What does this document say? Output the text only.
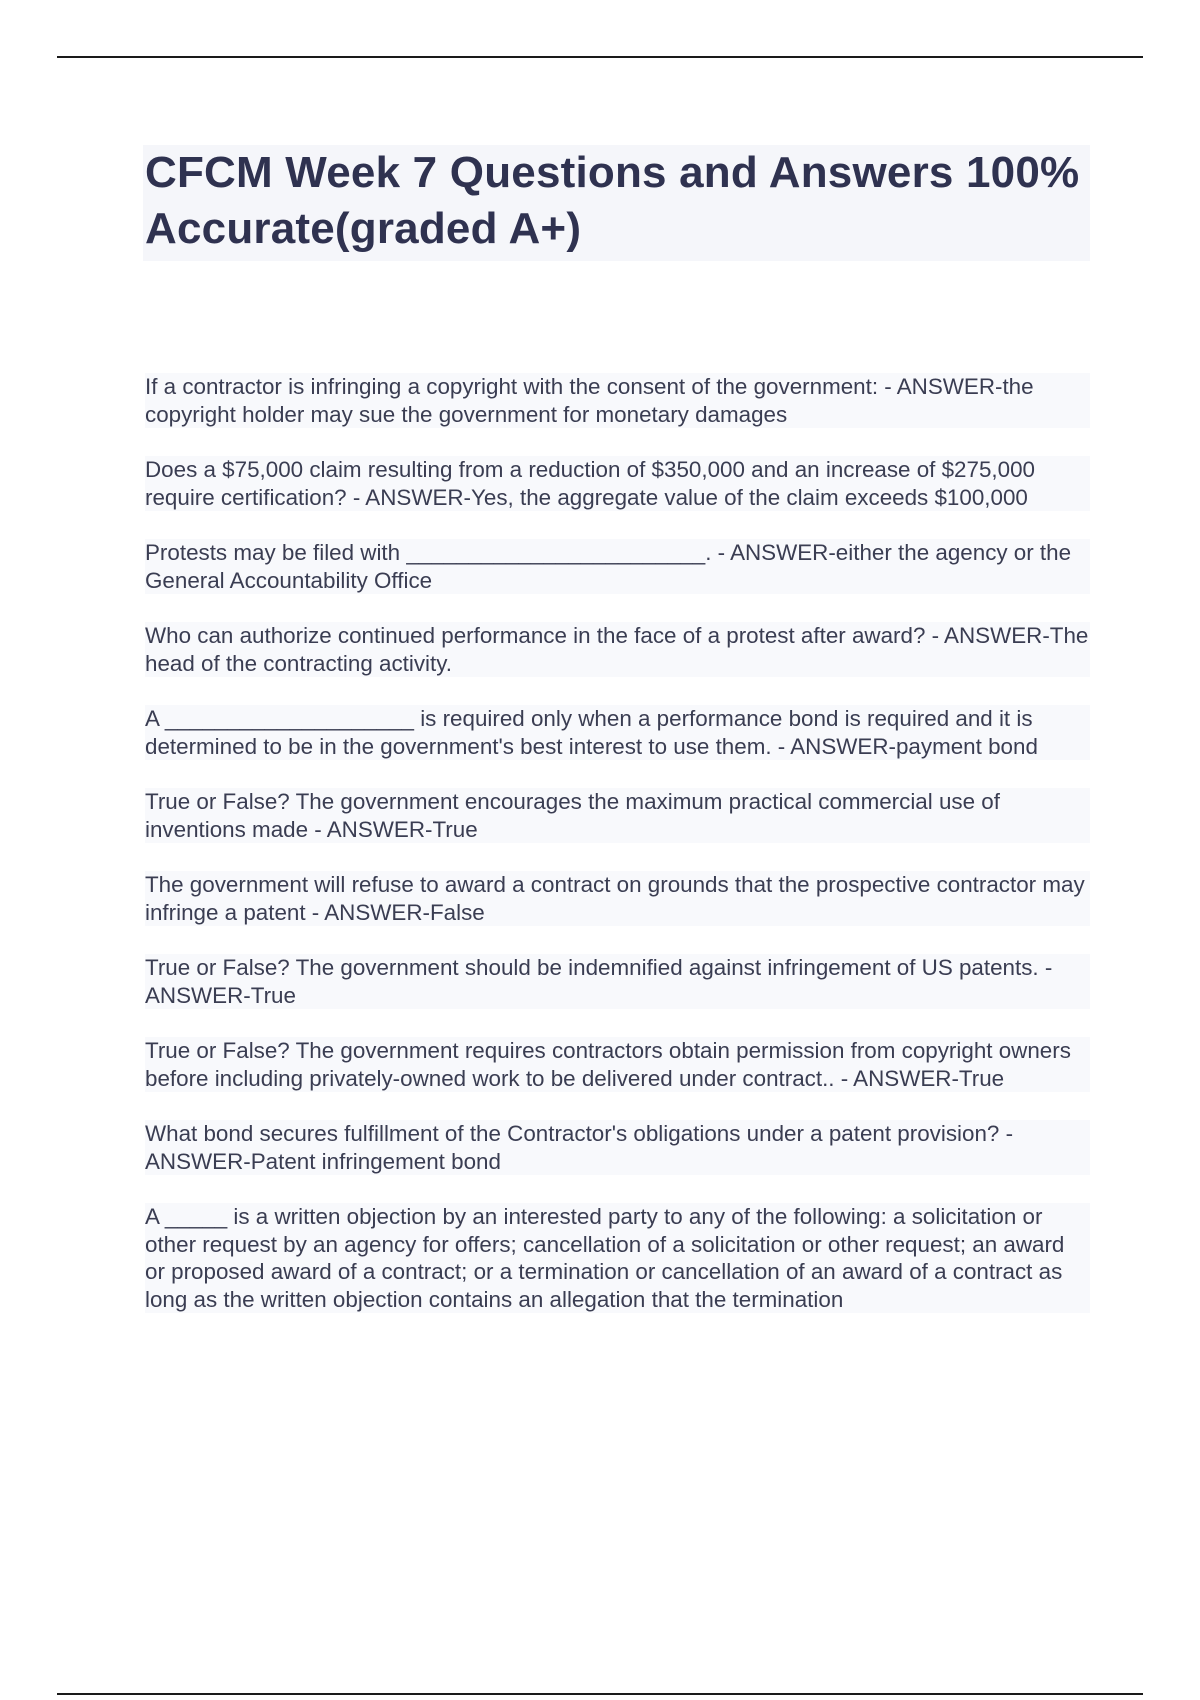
CFCM Week 7 Questions and Answers 100% Accurate(graded A+)

If a contractor is infringing a copyright with the consent of the government: - ANSWER-the copyright holder may sue the government for monetary damages

Does a $75,000 claim resulting from a reduction of $350,000 and an increase of $275,000 require certification? - ANSWER-Yes, the aggregate value of the claim exceeds $100,000

Protests may be filed with ________________________. - ANSWER-either the agency or the General Accountability Office

Who can authorize continued performance in the face of a protest after award? - ANSWER-The head of the contracting activity.

A ____________________ is required only when a performance bond is required and it is determined to be in the government's best interest to use them. - ANSWER-payment bond

True or False? The government encourages the maximum practical commercial use of inventions made - ANSWER-True

The government will refuse to award a contract on grounds that the prospective contractor may infringe a patent - ANSWER-False

True or False? The government should be indemnified against infringement of US patents. - ANSWER-True

True or False? The government requires contractors obtain permission from copyright owners before including privately-owned work to be delivered under contract.. - ANSWER-True

What bond secures fulfillment of the Contractor's obligations under a patent provision? - ANSWER-Patent infringement bond

A _____ is a written objection by an interested party to any of the following: a solicitation or other request by an agency for offers; cancellation of a solicitation or other request; an award or proposed award of a contract; or a termination or cancellation of an award of a contract as long as the written objection contains an allegation that the termination
